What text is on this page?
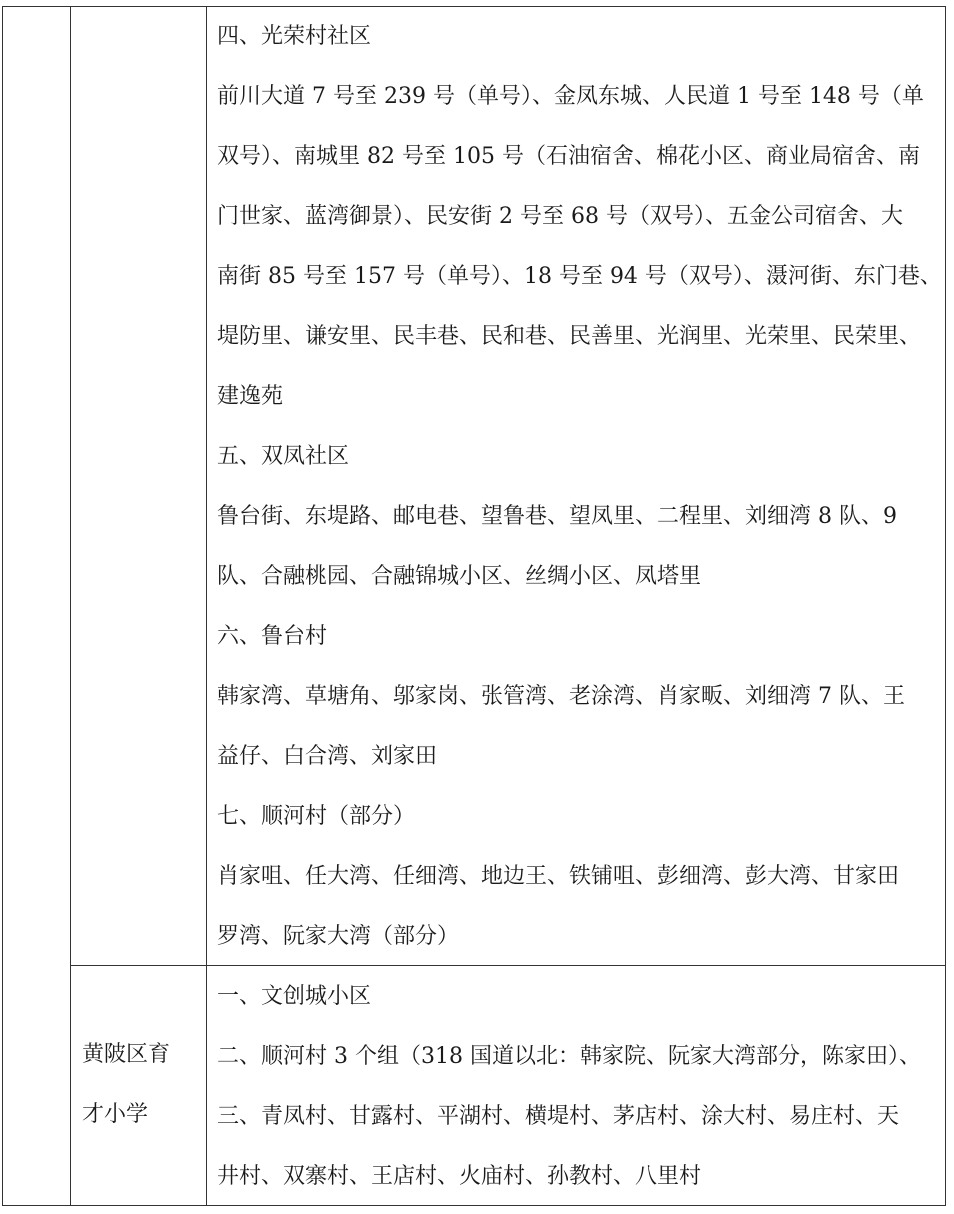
四、光荣村社区
前川大道 7 号至 239 号（单号）、金凤东城、人民道 1 号至 148 号（单
双号）、南城里 82 号至 105 号（石油宿舍、棉花小区、商业局宿舍、南
门世家、蓝湾御景）、民安街 2 号至 68 号（双号）、五金公司宿舍、大
南街 85 号至 157 号（单号）、18 号至 94 号（双号）、滠河街、东门巷、
堤防里、谦安里、民丰巷、民和巷、民善里、光润里、光荣里、民荣里、
建逸苑
五、双凤社区
鲁台街、东堤路、邮电巷、望鲁巷、望凤里、二程里、刘细湾 8 队、9
队、合融桃园、合融锦城小区、丝绸小区、凤塔里
六、鲁台村
韩家湾、草塘角、邬家岗、张管湾、老涂湾、肖家畈、刘细湾 7 队、王
益仔、白合湾、刘家田
七、顺河村（部分）
肖家咀、任大湾、任细湾、地边王、铁铺咀、彭细湾、彭大湾、甘家田
罗湾、阮家大湾（部分）
一、文创城小区
二、顺河村 3 个组（318 国道以北：韩家院、阮家大湾部分，陈家田）、
三、青凤村、甘露村、平湖村、横堤村、茅店村、涂大村、易庄村、天
井村、双寨村、王店村、火庙村、孙教村、八里村
黄陂区育
才小学
